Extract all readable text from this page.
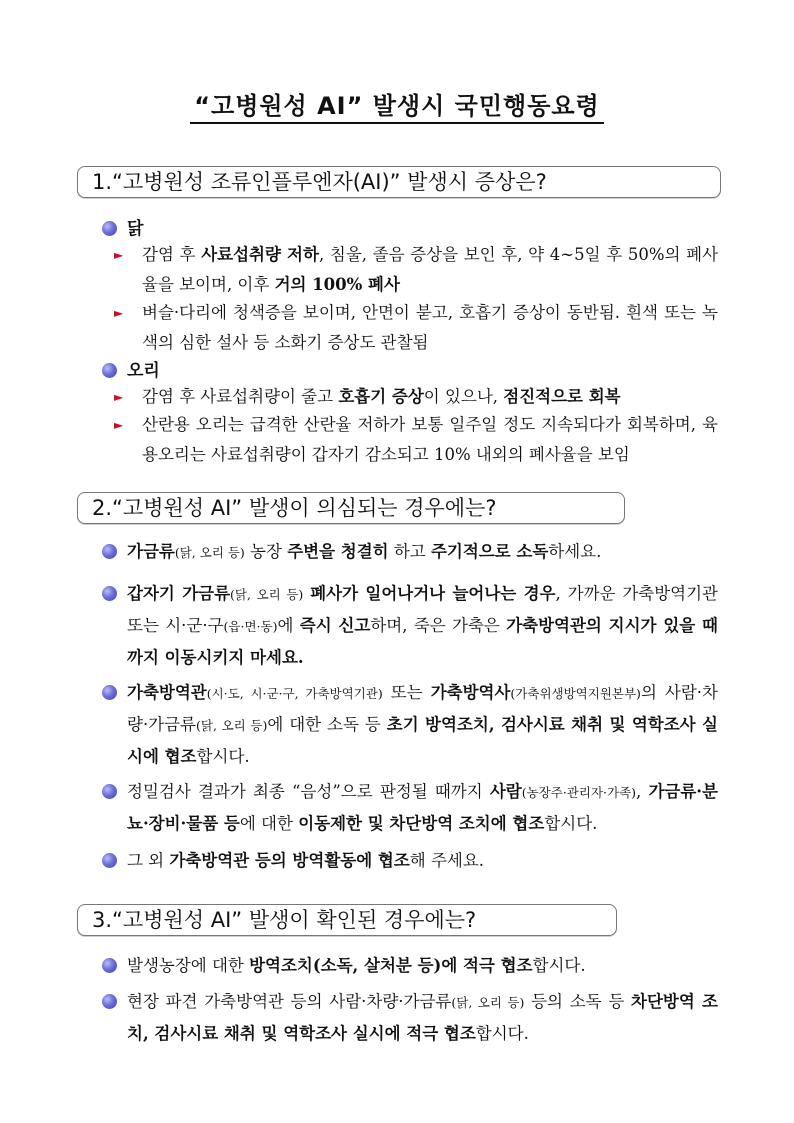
“고병원성 AI” 발생시 국민행동요령
1.“고병원성 조류인플루엔자(AI)” 발생시 증상은?
닭
►	감염 후 사료섭취량 저하, 침울, 졸음 증상을 보인 후, 약 4∼5일 후 50%의 폐사율을 보이며, 이후 거의 100% 폐사
►	벼슬·다리에 청색증을 보이며, 안면이 붇고, 호흡기 증상이 동반됨. 흰색 또는 녹색의 심한 설사 등 소화기 증상도 관찰됨
오리
►	감염 후 사료섭취량이 줄고 호흡기 증상이 있으나, 점진적으로 회복
►	산란용 오리는 급격한 산란율 저하가 보통 일주일 정도 지속되다가 회복하며, 육용오리는 사료섭취량이 갑자기 감소되고 10% 내외의 폐사율을 보임
2.“고병원성 AI” 발생이 의심되는 경우에는?
가금류(닭, 오리 등) 농장 주변을 청결히 하고 주기적으로 소독하세요.
갑자기 가금류(닭, 오리 등) 폐사가 일어나거나 늘어나는 경우, 가까운 가축방역기관 또는 시·군·구(읍·면·동)에 즉시 신고하며, 죽은 가축은 가축방역관의 지시가 있을 때까지 이동시키지 마세요.
가축방역관(시·도, 시·군·구, 가축방역기관) 또는 가축방역사(가축위생방역지원본부)의 사람·차량·가금류(닭, 오리 등)에 대한 소독 등 초기 방역조치, 검사시료 채취 및 역학조사 실시에 협조합시다.
정밀검사 결과가 최종 “음성”으로 판정될 때까지 사람(농장주·관리자·가족), 가금류·분뇨·장비·물품 등에 대한 이동제한 및 차단방역 조치에 협조합시다.
그 외 가축방역관 등의 방역활동에 협조해 주세요.
3.“고병원성 AI” 발생이 확인된 경우에는?
발생농장에 대한 방역조치(소독, 살처분 등)에 적극 협조합시다.
현장 파견 가축방역관 등의 사람·차량·가금류(닭, 오리 등) 등의 소독 등 차단방역 조치, 검사시료 채취 및 역학조사 실시에 적극 협조합시다.
